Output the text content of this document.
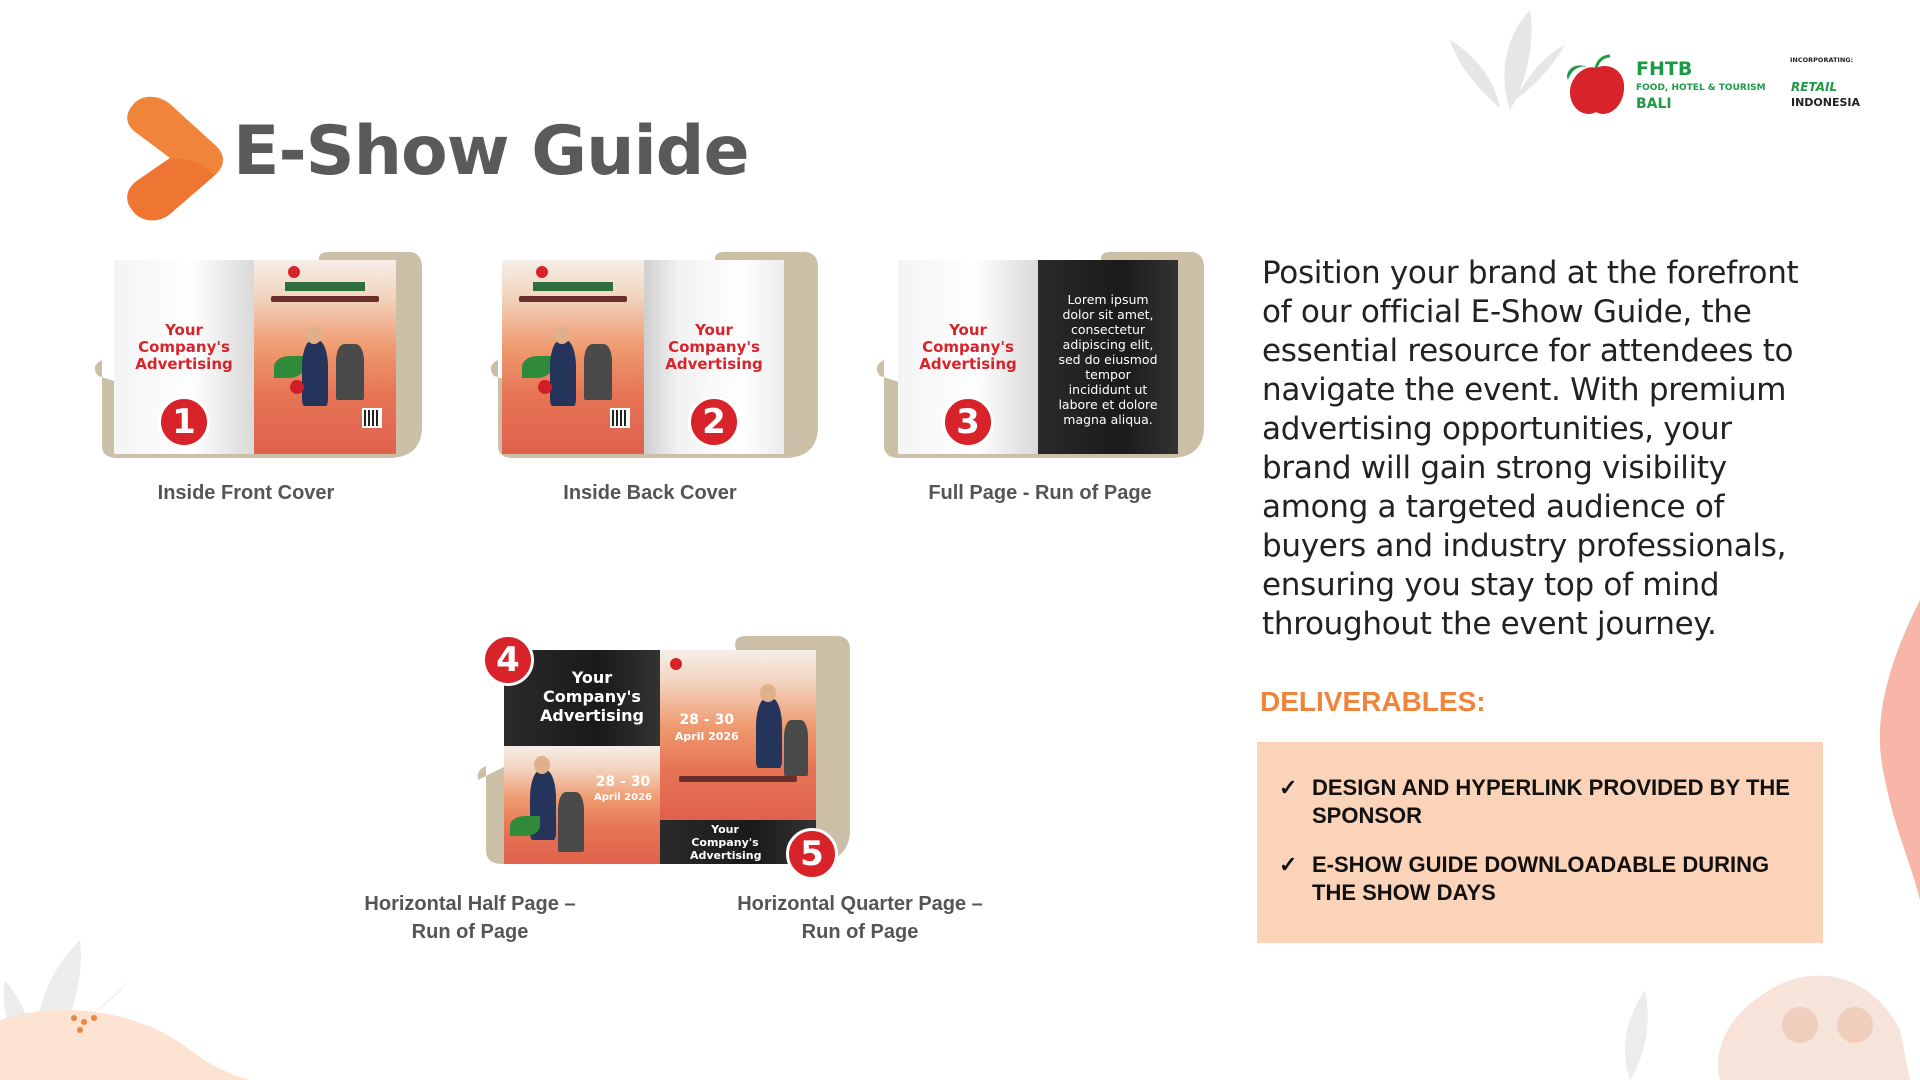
E-Show Guide
FHTB
FOOD, HOTEL & TOURISM
BALI
INCORPORATING:
RETAIL
INDONESIA
Your Company's Advertising
1
Inside Front Cover
Your Company's Advertising
2
Inside Back Cover
Your Company's Advertising
3
Lorem ipsum dolor sit amet, consectetur adipiscing elit, sed do eiusmod tempor incididunt ut labore et dolore magna aliqua.
Full Page - Run of Page
Your Company's Advertising
28 - 30
April 2026
4
28 - 30
April 2026
Your Company's Advertising	5
Horizontal Half Page – Run of Page
Horizontal Quarter Page – Run of Page

Position your brand at the forefront of our official E-Show Guide, the essential resource for attendees to navigate the event. With premium advertising opportunities, your brand will gain strong visibility among a targeted audience of buyers and industry professionals, ensuring you stay top of mind throughout the event journey.

DELIVERABLES:
✓ DESIGN AND HYPERLINK PROVIDED BY THE SPONSOR
✓ E-SHOW GUIDE DOWNLOADABLE DURING THE SHOW DAYS
